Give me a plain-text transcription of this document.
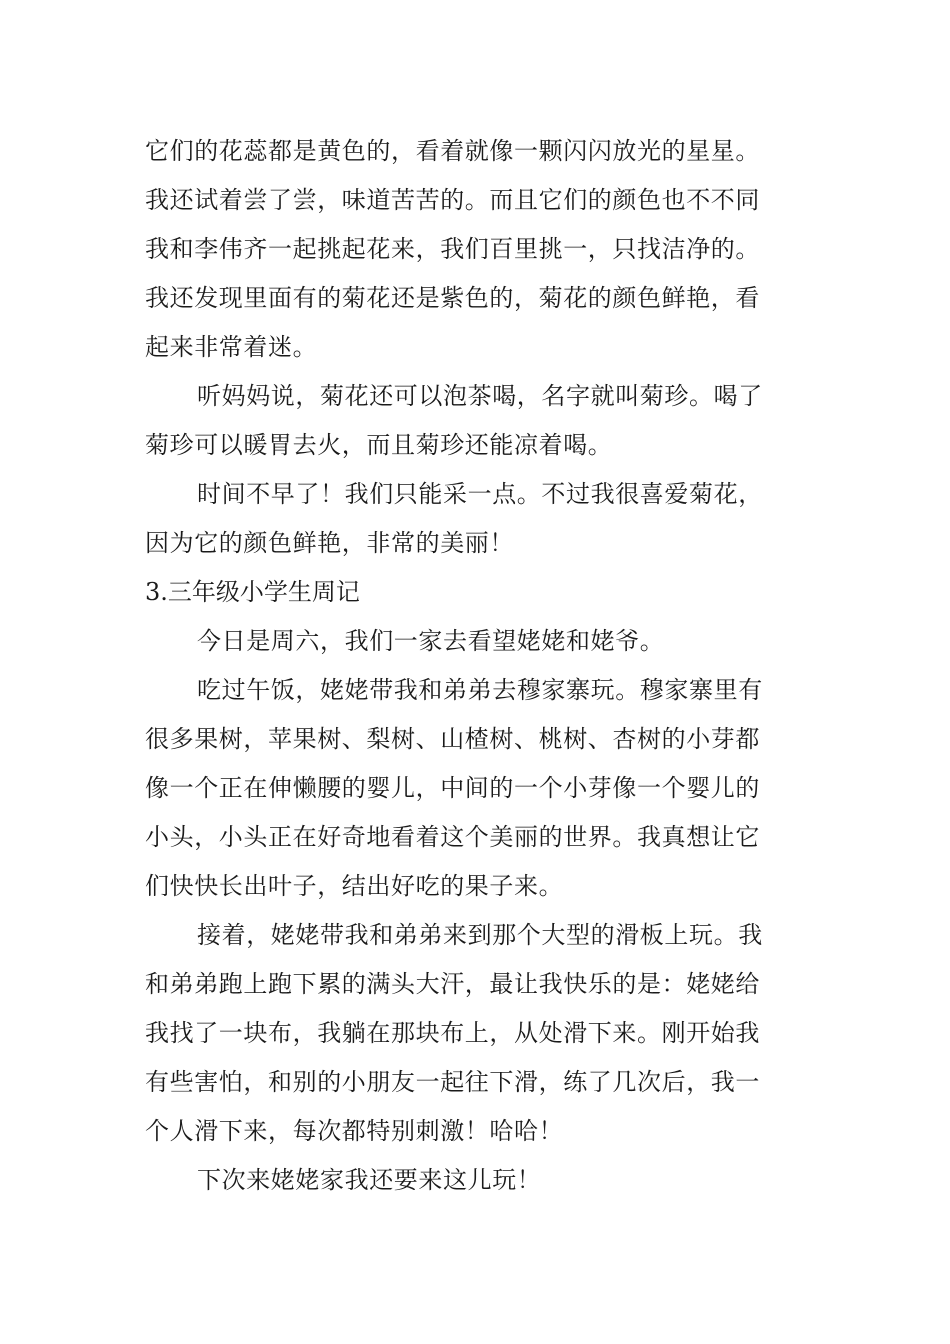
它们的花蕊都是黄色的，看着就像一颗闪闪放光的星星。
我还试着尝了尝，味道苦苦的。而且它们的颜色也不不同
我和李伟齐一起挑起花来，我们百里挑一，只找洁净的。
我还发现里面有的菊花还是紫色的，菊花的颜色鲜艳，看
起来非常着迷。
听妈妈说，菊花还可以泡茶喝，名字就叫菊珍。喝了
菊珍可以暖胃去火，而且菊珍还能凉着喝。
时间不早了！我们只能采一点。不过我很喜爱菊花，
因为它的颜色鲜艳，非常的美丽！
3.三年级小学生周记
今日是周六，我们一家去看望姥姥和姥爷。
吃过午饭，姥姥带我和弟弟去穆家寨玩。穆家寨里有
很多果树，苹果树、梨树、山楂树、桃树、杏树的小芽都
像一个正在伸懒腰的婴儿，中间的一个小芽像一个婴儿的
小头，小头正在好奇地看着这个美丽的世界。我真想让它
们快快长出叶子，结出好吃的果子来。
接着，姥姥带我和弟弟来到那个大型的滑板上玩。我
和弟弟跑上跑下累的满头大汗，最让我快乐的是：姥姥给
我找了一块布，我躺在那块布上，从处滑下来。刚开始我
有些害怕，和别的小朋友一起往下滑，练了几次后，我一
个人滑下来，每次都特别刺激！哈哈！
下次来姥姥家我还要来这儿玩！
